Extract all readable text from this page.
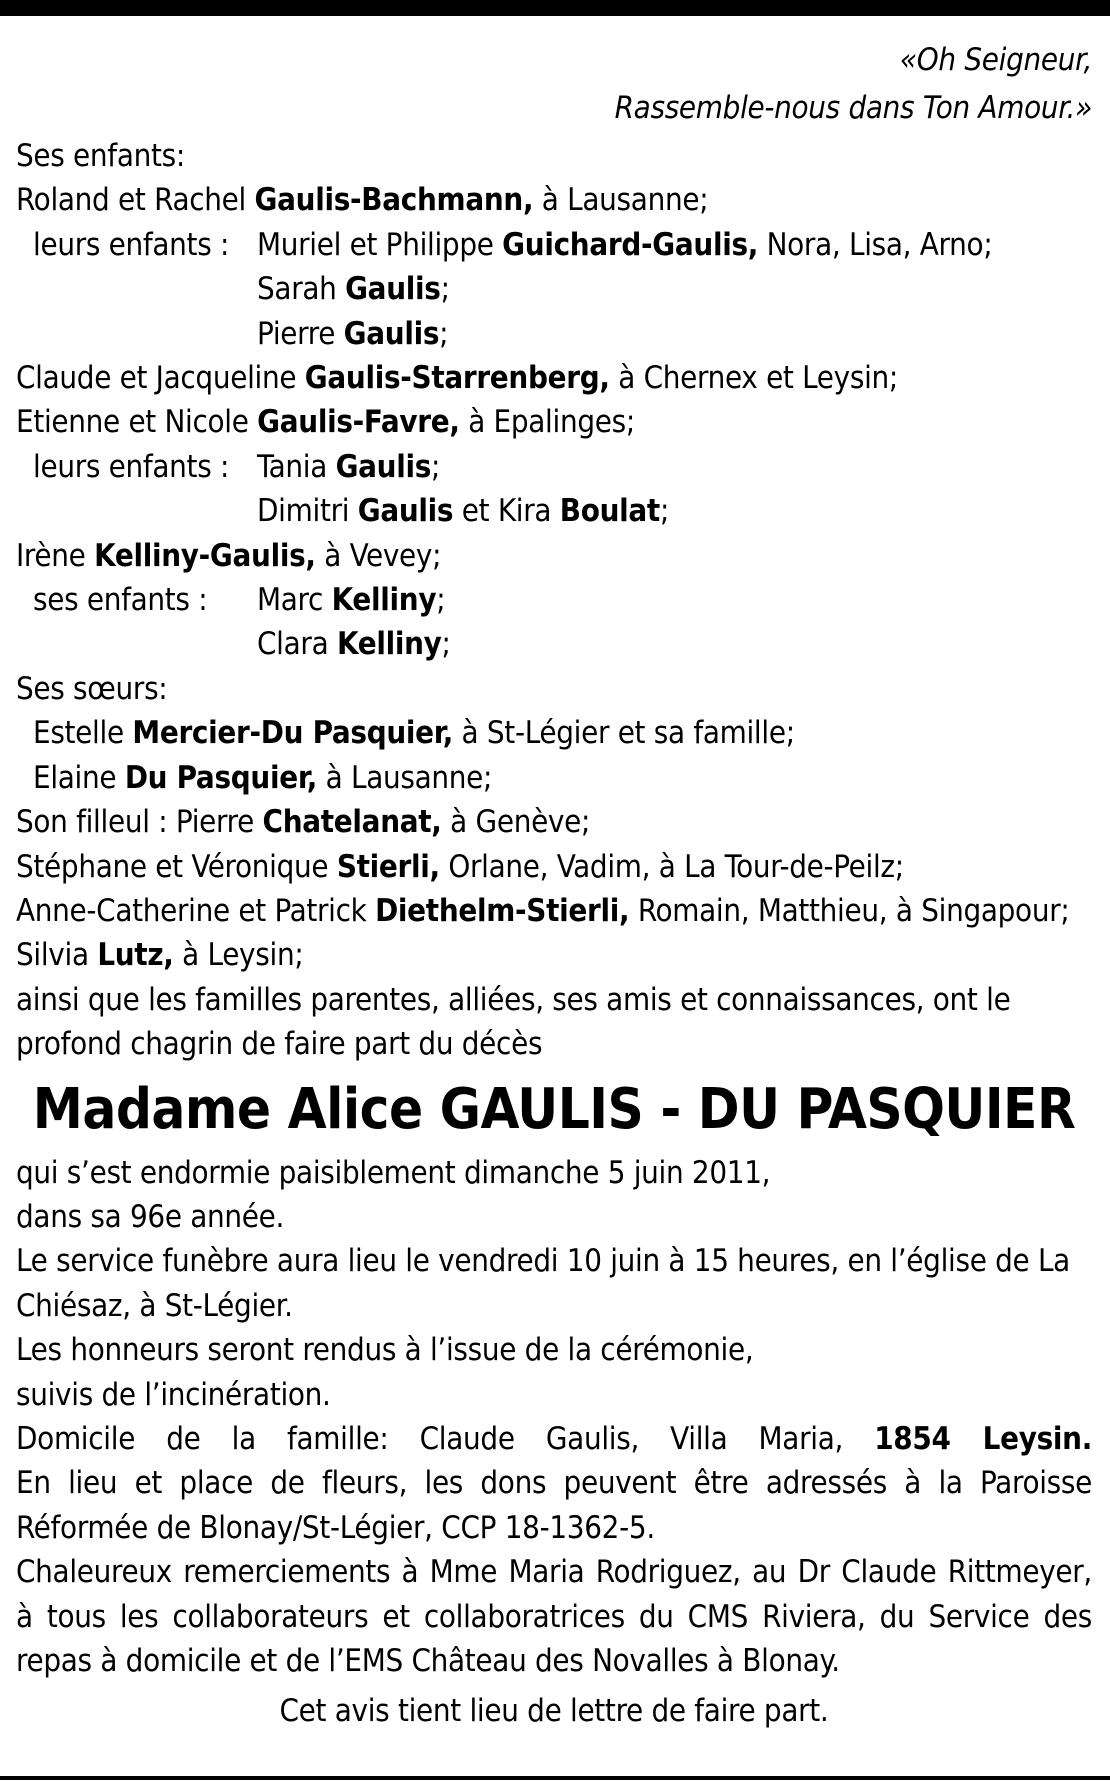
«Oh Seigneur,
Rassemble-nous dans Ton Amour.»
Ses enfants:
Roland et Rachel Gaulis-Bachmann, à Lausanne;
leurs enfants :Muriel et Philippe Guichard-Gaulis, Nora, Lisa, Arno;
Sarah Gaulis;
Pierre Gaulis;
Claude et Jacqueline Gaulis-Starrenberg, à Chernex et Leysin;
Etienne et Nicole Gaulis-Favre, à Epalinges;
leurs enfants :Tania Gaulis;
Dimitri Gaulis et Kira Boulat;
Irène Kelliny-Gaulis, à Vevey;
ses enfants :Marc Kelliny;
Clara Kelliny;
Ses sœurs:
Estelle Mercier-Du Pasquier, à St-Légier et sa famille;
Elaine Du Pasquier, à Lausanne;
Son filleul : Pierre Chatelanat, à Genève;
Stéphane et Véronique Stierli, Orlane, Vadim, à La Tour-de-Peilz;
Anne-Catherine et Patrick Diethelm-Stierli, Romain, Matthieu, à Singapour;
Silvia Lutz, à Leysin;
ainsi que les familles parentes, alliées, ses amis et connaissances, ont le profond chagrin de faire part du décès
Madame Alice GAULIS - DU PASQUIER
qui s’est endormie paisiblement dimanche 5 juin 2011,
dans sa 96e année.
Le service funèbre aura lieu le vendredi 10 juin à 15 heures, en l’église de La Chiésaz, à St-Légier.
Les honneurs seront rendus à l’issue de la cérémonie,
suivis de l’incinération.
Domicile de la famille: Claude Gaulis, Villa Maria, 1854 Leysin.
En lieu et place de fleurs, les dons peuvent être adressés à la Paroisse Réformée de Blonay/St-Légier, CCP 18-1362-5.
Chaleureux remerciements à Mme Maria Rodriguez, au Dr Claude Rittmeyer, à tous les collaborateurs et collaboratrices du CMS Riviera, du Service des repas à domicile et de l’EMS Château des Novalles à Blonay.
Cet avis tient lieu de lettre de faire part.
